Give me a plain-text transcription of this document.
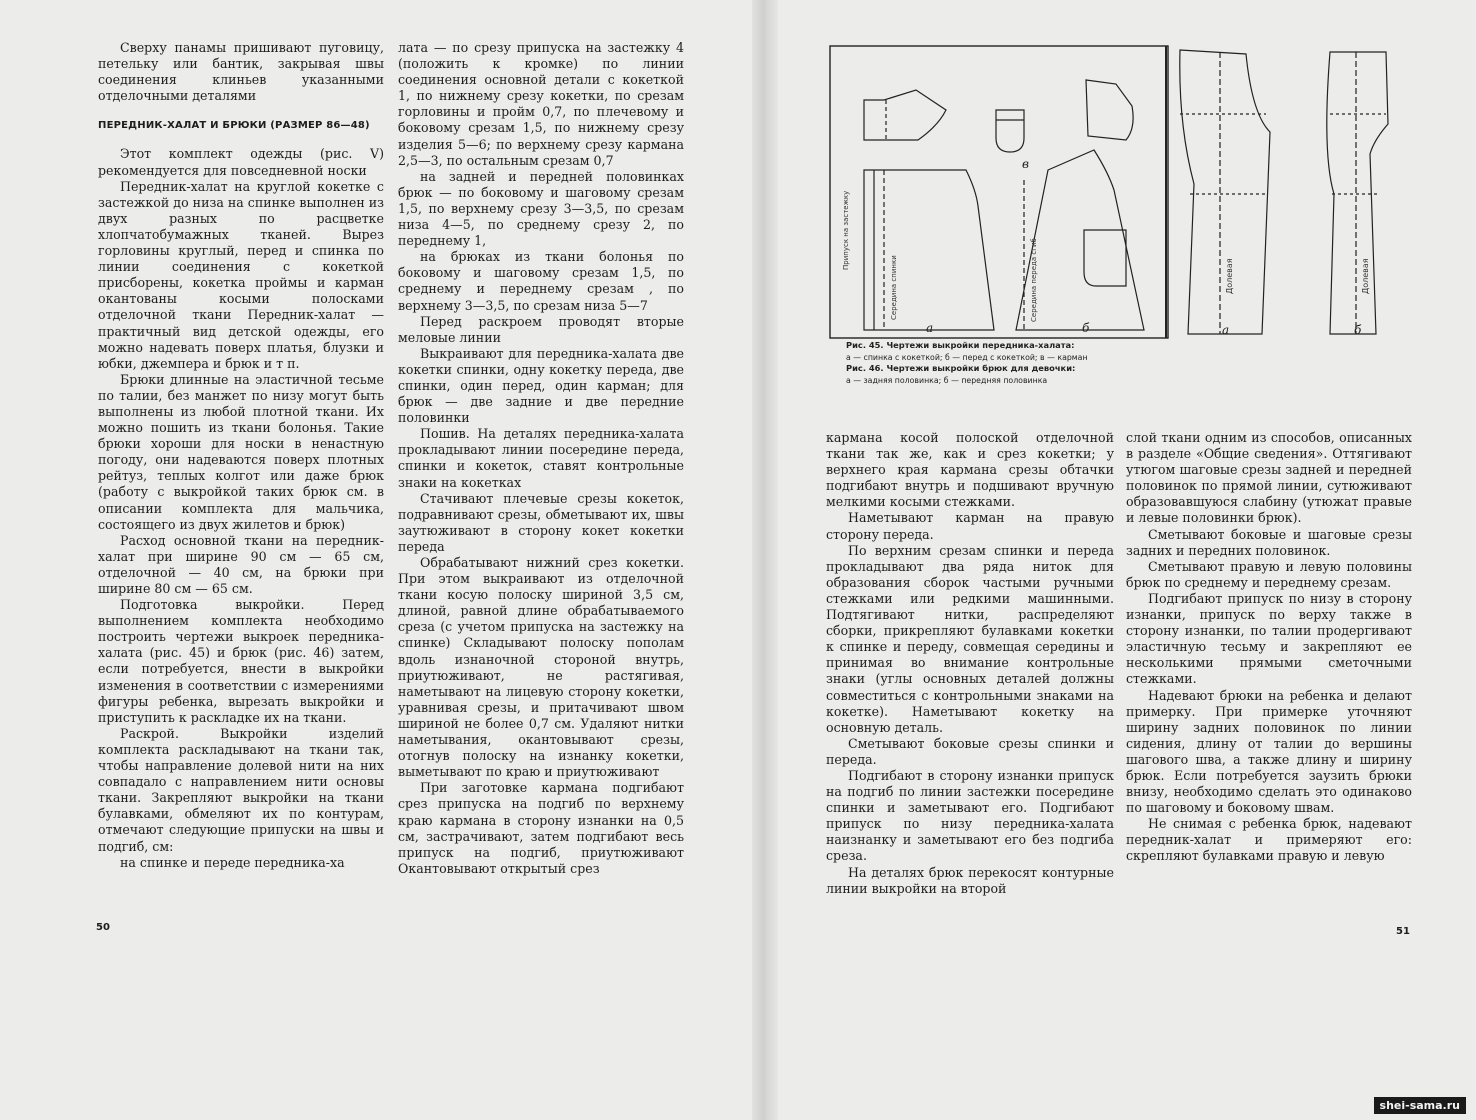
Сверху панамы пришивают пуговицу, петельку или бантик, закрывая швы соединения клиньев указанными отделочными деталями

ПЕРЕДНИК-ХАЛАТ И БРЮКИ (РАЗМЕР 86—48)

Этот комплект одежды (рис. V) рекомендуется для повседневной носки

Передник-халат на круглой кокетке с застежкой до низа на спинке выполнен из двух разных по расцветке хлопчатобумажных тканей. Вырез горловины круглый, перед и спинка по линии соединения с кокеткой присборены, кокетка проймы и карман окантованы косыми полосками отделочной ткани Передник-халат — практичный вид детской одежды, его можно надевать поверх платья, блузки и юбки, джемпера и брюк и т п.

Брюки длинные на эластичной тесьме по талии, без манжет по низу могут быть выполнены из любой плотной ткани. Их можно пошить из ткани болонья. Такие брюки хороши для носки в ненастную погоду, они надеваются поверх плотных рейтуз, теплых колгот или даже брюк (работу с выкройкой таких брюк см. в описании комплекта для мальчика, состоящего из двух жилетов и брюк)

Расход основной ткани на передник-халат при ширине 90 см — 65 см, отделочной — 40 см, на брюки при ширине 80 см — 65 см.

Подготовка выкройки. Перед выполнением комплекта необходимо построить чертежи выкроек передника-халата (рис. 45) и брюк (рис. 46) затем, если потребуется, внести в выкройки изменения в соответствии с измерениями фигуры ребенка, вырезать выкройки и приступить к раскладке их на ткани.

Раскрой. Выкройки изделий комплекта раскладывают на ткани так, чтобы направление долевой нити на них совпадало с направлением нити основы ткани. Закрепляют выкройки на ткани булавками, обмеляют их по контурам, отмечают следующие припуски на швы и подгиб, см:

на спинке и переде передника-ха

лата — по срезу припуска на застежку 4 (положить к кромке) по линии соединения основной детали с кокеткой 1, по нижнему срезу кокетки, по срезам горловины и пройм 0,7, по плечевому и боковому срезам 1,5, по нижнему срезу изделия 5—6; по верхнему срезу кармана 2,5—3, по остальным срезам 0,7

на задней и передней половинках брюк — по боковому и шаговому срезам 1,5, по верхнему срезу 3—3,5, по срезам низа 4—5, по среднему срезу 2, по переднему 1,

на брюках из ткани болонья по боковому и шаговому срезам 1,5, по среднему и переднему срезам , по верхнему 3—3,5, по срезам низа 5—7

Перед раскроем проводят вторые меловые линии

Выкраивают для передника-халата две кокетки спинки, одну кокетку переда, две спинки, один перед, один карман; для брюк — две задние и две передние половинки

Пошив. На деталях передника-халата прокладывают линии посередине переда, спинки и кокеток, ставят контрольные знаки на кокетках

Стачивают плечевые срезы кокеток, подравнивают срезы, обметывают их, швы заутюживают в сторону кокет кокетки переда

Обрабатывают нижний срез кокетки. При этом выкраивают из отделочной ткани косую полоску шириной 3,5 см, длиной, равной длине обрабатываемого среза (с учетом припуска на застежку на спинке) Складывают полоску пополам вдоль изнаночной стороной внутрь, приутюживают, не растягивая, наметывают на лицевую сторону кокетки, уравнивая срезы, и притачивают швом шириной не более 0,7 см. Удаляют нитки наметывания, окантовывают срезы, отогнув полоску на изнанку кокетки, выметывают по краю и приутюживают

При заготовке кармана подгибают срез припуска на подгиб по верхнему краю кармана в сторону изнанки на 0,5 см, застрачивают, затем подгибают весь припуск на подгиб, приутюживают Окантовывают открытый срез

50
а
в
б
Припуск на застежку
Середина спинки	Середина переда сгиб
а	б
Долевая	Долевая
Рис. 45. Чертежи выкройки передника-халата:
а — спинка с кокеткой; б — перед с кокеткой; в — карман
Рис. 46. Чертежи выкройки брюк для девочки:
а — задняя половинка; б — передняя половинка

кармана косой полоской отделочной ткани так же, как и срез кокетки; у верхнего края кармана срезы обтачки подгибают внутрь и подшивают вручную мелкими косыми стежками.

Наметывают карман на правую сторону переда.

По верхним срезам спинки и переда прокладывают два ряда ниток для образования сборок частыми ручными стежками или редкими машинными. Подтягивают нитки, распределяют сборки, прикрепляют булавками кокетки к спинке и переду, совмещая середины и принимая во внимание контрольные знаки (углы основных деталей должны совместиться с контрольными знаками на кокетке). Наметывают кокетку на основную деталь.

Сметывают боковые срезы спинки и переда.

Подгибают в сторону изнанки припуск на подгиб по линии застежки посередине спинки и заметывают его. Подгибают припуск по низу передника-халата наизнанку и заметывают его без подгиба среза.

На деталях брюк перекосят контурные линии выкройки на второй

слой ткани одним из способов, описанных в разделе «Общие сведения». Оттягивают утюгом шаговые срезы задней и передней половинок по прямой линии, сутюживают образовавшуюся слабину (утюжат правые и левые половинки брюк).

Сметывают боковые и шаговые срезы задних и передних половинок.

Сметывают правую и левую половины брюк по среднему и переднему срезам.

Подгибают припуск по низу в сторону изнанки, припуск по верху также в сторону изнанки, по талии продергивают эластичную тесьму и закрепляют ее несколькими прямыми сметочными стежками.

Надевают брюки на ребенка и делают примерку. При примерке уточняют ширину задних половинок по линии сидения, длину от талии до вершины шагового шва, а также длину и ширину брюк. Если потребуется заузить брюки внизу, необходимо сделать это одинаково по шаговому и боковому швам.

Не снимая с ребенка брюк, надевают передник-халат и примеряют его: скрепляют булавками правую и левую

51
shei-sama.ru
